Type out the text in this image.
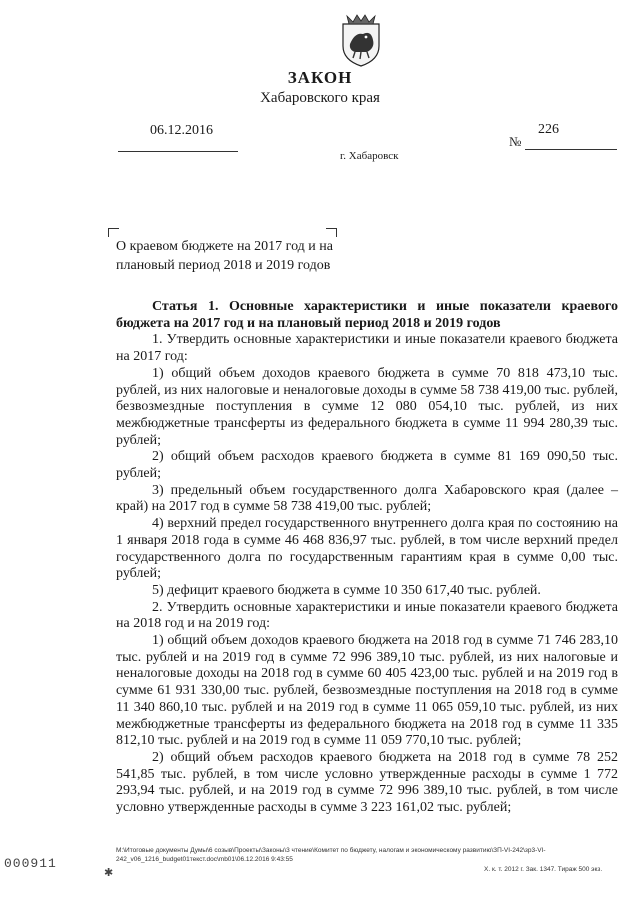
ЗАКОН
Хабаровского края
06.12.2016	226
№
г. Хабаровск
О краевом бюджете на 2017 год и на
плановый период 2018 и 2019 годов

Статья 1. Основные характеристики и иные показатели краевого бюджета на 2017 год и на плановый период 2018 и 2019 годов

1. Утвердить основные характеристики и иные показатели краевого бюджета на 2017 год:

1) общий объем доходов краевого бюджета в сумме 70 818 473,10 тыс. рублей, из них налоговые и неналоговые доходы в сумме 58 738 419,00 тыс. рублей, безвозмездные поступления в сумме 12 080 054,10 тыс. рублей, из них межбюджетные трансферты из федерального бюджета в сумме 11 994 280,39 тыс. рублей;

2) общий объем расходов краевого бюджета в сумме 81 169 090,50 тыс. рублей;

3) предельный объем государственного долга Хабаровского края (далее – край) на 2017 год в сумме 58 738 419,00 тыс. рублей;

4) верхний предел государственного внутреннего долга края по состоянию на 1 января 2018 года в сумме 46 468 836,97 тыс. рублей, в том числе верхний предел государственного долга по государственным гарантиям края в сумме 0,00 тыс. рублей;

5) дефицит краевого бюджета в сумме 10 350 617,40 тыс. рублей.

2. Утвердить основные характеристики и иные показатели краевого бюджета на 2018 год и на 2019 год:

1) общий объем доходов краевого бюджета на 2018 год в сумме 71 746 283,10 тыс. рублей и на 2019 год в сумме 72 996 389,10 тыс. рублей, из них налоговые и неналоговые доходы на 2018 год в сумме 60 405 423,00 тыс. рублей и на 2019 год в сумме 61 931 330,00 тыс. рублей, безвозмездные поступления на 2018 год в сумме 11 340 860,10 тыс. рублей и на 2019 год в сумме 11 065 059,10 тыс. рублей, из них межбюджетные трансферты из федерального бюджета на 2018 год в сумме 11 335 812,10 тыс. рублей и на 2019 год в сумме 11 059 770,10 тыс. рублей;

2) общий объем расходов краевого бюджета на 2018 год в сумме 78 252 541,85 тыс. рублей, в том числе условно утвержденные расходы в сумме 1 772 293,94 тыс. рублей, и на 2019 год в сумме 72 996 389,10 тыс. рублей, в том числе условно утвержденные расходы в сумме 3 223 161,02 тыс. рублей;

М:\Итоговые документы Думы\6 созыв\Проекты\Законы\3 чтение\Комитет по бюджету, налогам и экономическому развитию\ЗП-VI-242\зр3-VI-242_v06_1216_budget01текст.doc\mb01\06.12.2016 9:43:55
Х. к. т. 2012 г. Зак. 1347. Тираж 500 экз.
000911
✱
